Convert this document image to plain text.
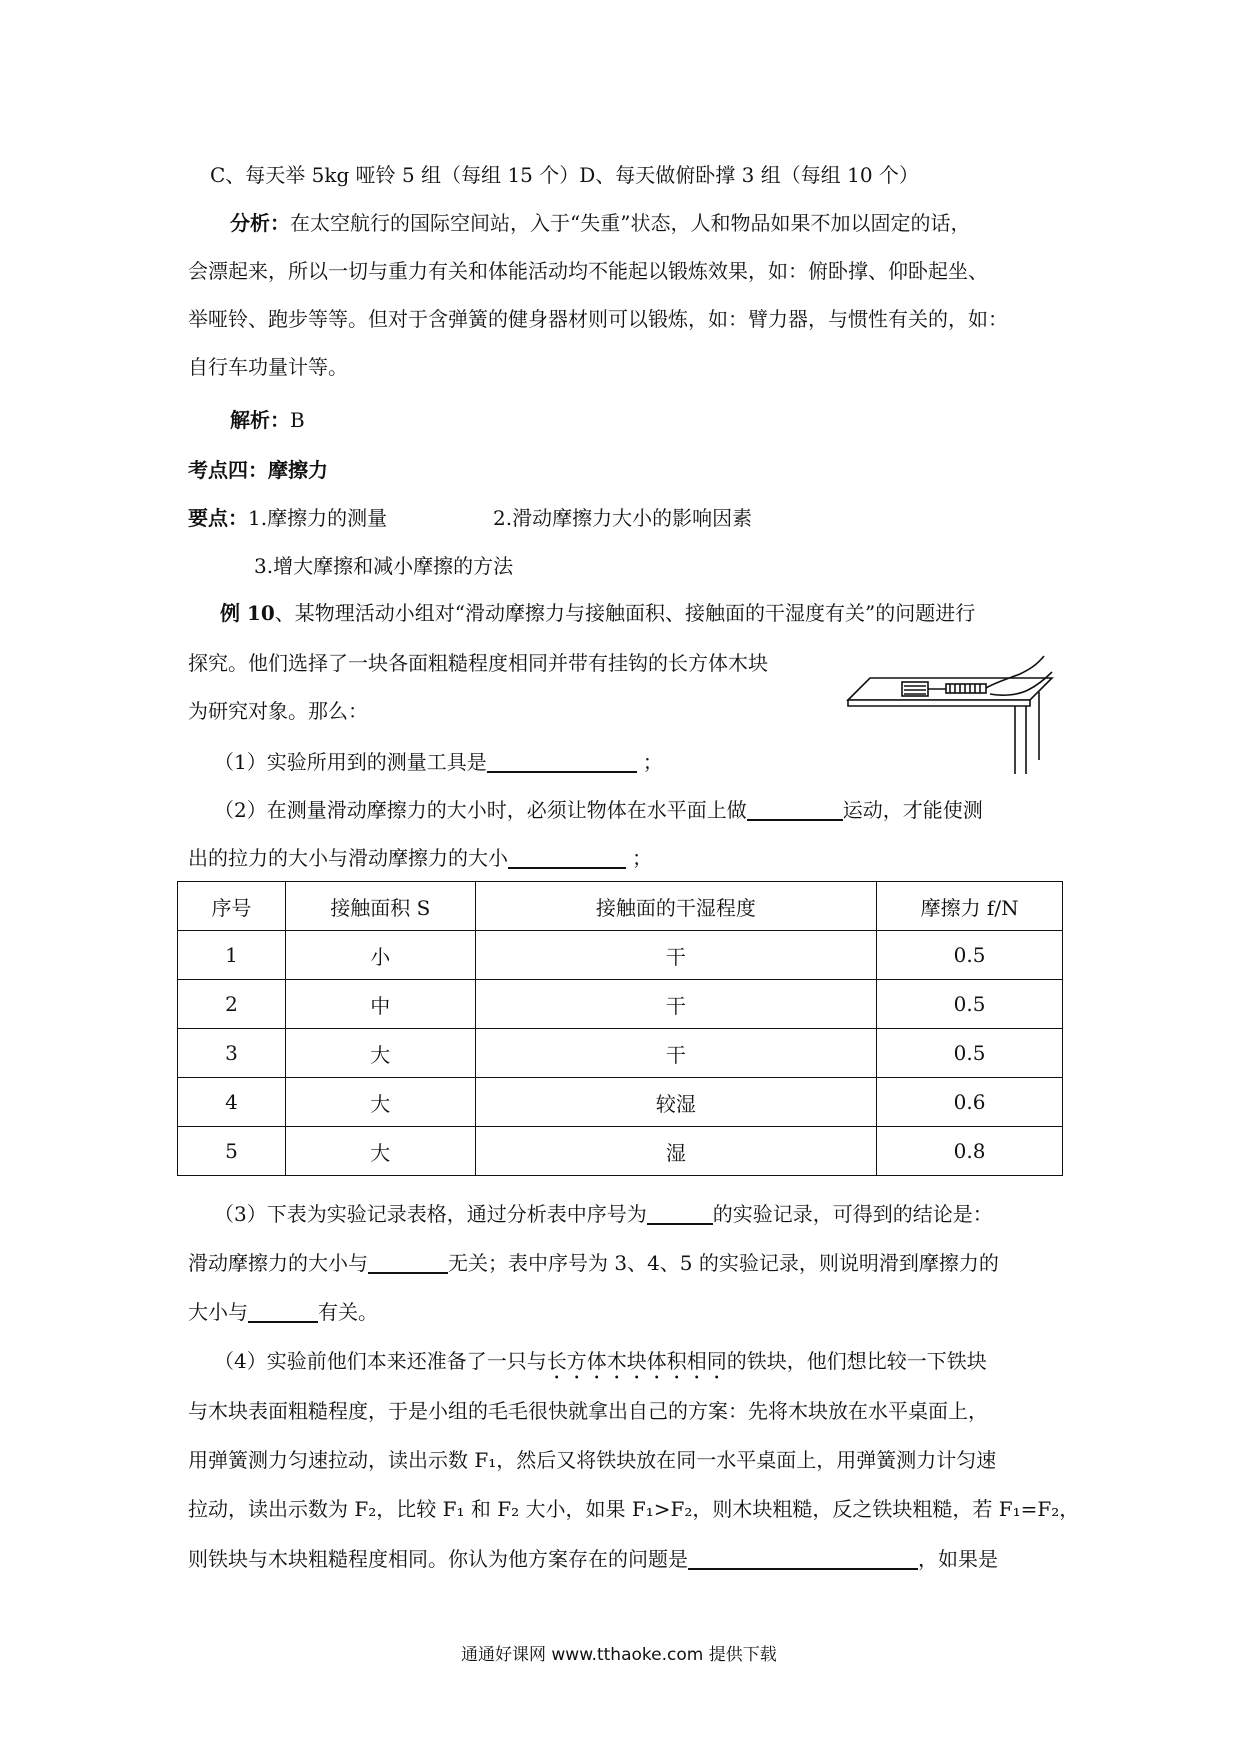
C、每天举 5kg 哑铃 5 组（每组 15 个）D、每天做俯卧撑 3 组（每组 10 个）
分析：在太空航行的国际空间站，入于“失重”状态，人和物品如果不加以固定的话，
会漂起来，所以一切与重力有关和体能活动均不能起以锻炼效果，如：俯卧撑、仰卧起坐、
举哑铃、跑步等等。但对于含弹簧的健身器材则可以锻炼，如：臂力器，与惯性有关的，如：
自行车功量计等。
解析：B
考点四：摩擦力
要点：1.摩擦力的测量	2.滑动摩擦力大小的影响因素
3.增大摩擦和减小摩擦的方法
例 10、某物理活动小组对“滑动摩擦力与接触面积、接触面的干湿度有关”的问题进行
探究。他们选择了一块各面粗糙程度相同并带有挂钩的长方体木块
为研究对象。那么：
（1）实验所用到的测量工具是	；
（2）在测量滑动摩擦力的大小时，必须让物体在水平面上做	运动，才能使测
出的拉力的大小与滑动摩擦力的大小	；
序号	接触面积 S	接触面的干湿程度	摩擦力 f/N
1	小	干	0.5
2	中	干	0.5
3	大	干	0.5
4	大	较湿	0.6
5	大	湿	0.8
（3）下表为实验记录表格，通过分析表中序号为	的实验记录，可得到的结论是：
滑动摩擦力的大小与	无关；表中序号为 3、4、5 的实验记录，则说明滑到摩擦力的
大小与	有关。
（4）实验前他们本来还准备了一只与长方体木块体积相同的铁块，他们想比较一下铁块
与木块表面粗糙程度，于是小组的毛毛很快就拿出自己的方案：先将木块放在水平桌面上，
用弹簧测力匀速拉动，读出示数 F₁，然后又将铁块放在同一水平桌面上，用弹簧测力计匀速
拉动，读出示数为 F₂，比较 F₁ 和 F₂ 大小，如果 F₁>F₂，则木块粗糙，反之铁块粗糙，若 F₁=F₂，
则铁块与木块粗糙程度相同。你认为他方案存在的问题是	，如果是
通通好课网 www.tthaoke.com 提供下载
